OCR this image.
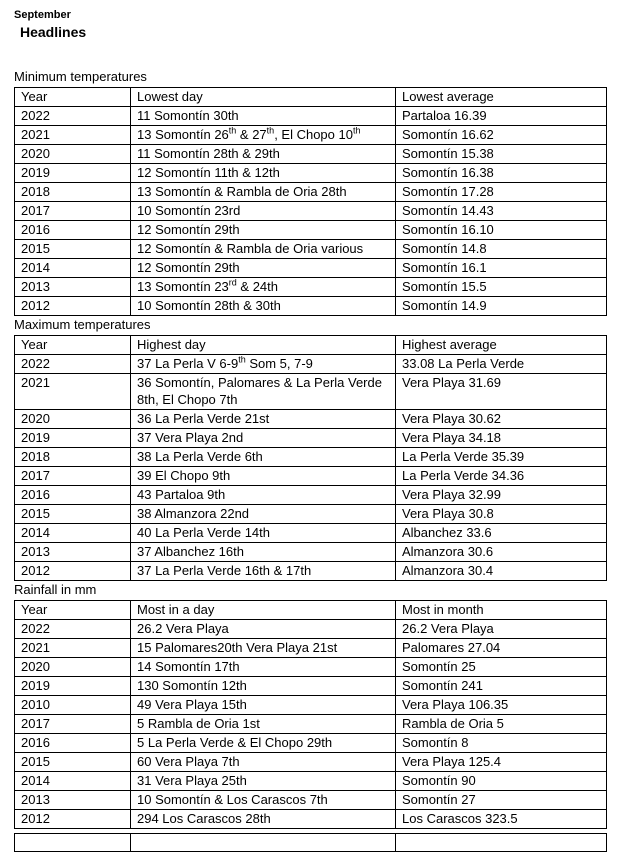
September
Headlines
Minimum temperatures
Year	Lowest day	Lowest average
2022	11 Somontín 30th	Partaloa 16.39
2021	13 Somontín 26th & 27th, El Chopo 10th	Somontín 16.62
2020	11 Somontín 28th & 29th	Somontín 15.38
2019	12 Somontín 11th & 12th	Somontín 16.38
2018	13 Somontín & Rambla de Oria 28th	Somontín 17.28
2017	10 Somontín 23rd	Somontín 14.43
2016	12 Somontín 29th	Somontín 16.10
2015	12 Somontín & Rambla de Oria various	Somontín 14.8
2014	12 Somontín 29th	Somontín 16.1
2013	13 Somontín 23rd & 24th	Somontín 15.5
2012	10 Somontín 28th & 30th	Somontín 14.9
Maximum temperatures
Year	Highest day	Highest average
2022	37 La Perla V 6-9th Som 5, 7-9	33.08 La Perla Verde
2021	36 Somontín, Palomares & La Perla Verde 8th, El Chopo 7th	Vera Playa 31.69
2020	36 La Perla Verde 21st	Vera Playa 30.62
2019	37 Vera Playa 2nd	Vera Playa 34.18
2018	38 La Perla Verde 6th	La Perla Verde 35.39
2017	39 El Chopo 9th	La Perla Verde 34.36
2016	43 Partaloa 9th	Vera Playa 32.99
2015	38 Almanzora 22nd	Vera Playa 30.8
2014	40 La Perla Verde 14th	Albanchez 33.6
2013	37 Albanchez 16th	Almanzora 30.6
2012	37 La Perla Verde 16th & 17th	Almanzora 30.4
Rainfall in mm
Year	Most in a day	Most in month
2022	26.2 Vera Playa	26.2 Vera Playa
2021	15 Palomares20th Vera Playa 21st	Palomares 27.04
2020	14 Somontín 17th	Somontín 25
2019	130 Somontín 12th	Somontín 241
2010	49 Vera Playa 15th	Vera Playa 106.35
2017	5 Rambla de Oria 1st	Rambla de Oria 5
2016	5 La Perla Verde & El Chopo 29th	Somontín 8
2015	60 Vera Playa 7th	Vera Playa 125.4
2014	31 Vera Playa 25th	Somontín 90
2013	10 Somontín & Los Carascos 7th	Somontín 27
2012	294 Los Carascos 28th	Los Carascos 323.5
